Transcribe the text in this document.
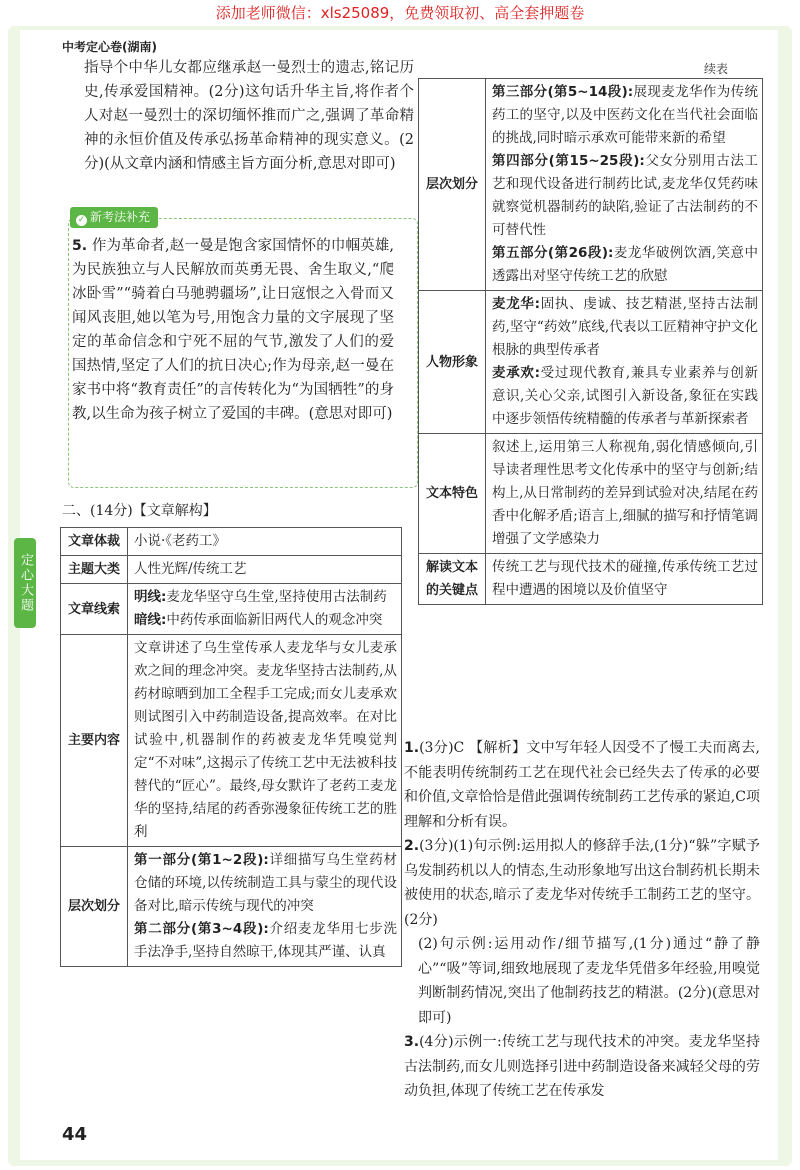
添加老师微信：xls25089，免费领取初、高全套押题卷
中考定心卷(湖南)
续表
指导个中华儿女都应继承赵一曼烈士的遗志,铭记历史,传承爱国精神。(2分)这句话升华主旨,将作者个人对赵一曼烈士的深切缅怀推而广之,强调了革命精神的永恒价值及传承弘扬革命精神的现实意义。(2分)(从文章内涵和情感主旨方面分析,意思对即可)
✓ 新考法补充
5. 作为革命者,赵一曼是饱含家国情怀的巾帼英雄,为民族独立与人民解放而英勇无畏、舍生取义,“爬冰卧雪”“骑着白马驰骋疆场”,让日寇恨之入骨而又闻风丧胆,她以笔为号,用饱含力量的文字展现了坚定的革命信念和宁死不屈的气节,激发了人们的爱国热情,坚定了人们的抗日决心;作为母亲,赵一曼在家书中将“教育责任”的言传转化为“为国牺牲”的身教,以生命为孩子树立了爱国的丰碑。(意思对即可)
二、(14分)【文章解构】
定心大题
文章体裁	小说·《老药工》
主题大类	人性光辉/传统工艺
文章线索	明线:麦龙华坚守乌生堂,坚持使用古法制药
暗线:中药传承面临新旧两代人的观念冲突
主要内容	文章讲述了乌生堂传承人麦龙华与女儿麦承欢之间的理念冲突。麦龙华坚持古法制药,从药材晾晒到加工全程手工完成;而女儿麦承欢则试图引入中药制造设备,提高效率。在对比试验中,机器制作的药被麦龙华凭嗅觉判定“不对味”,这揭示了传统工艺中无法被科技替代的“匠心”。最终,母女默许了老药工麦龙华的坚持,结尾的药香弥漫象征传统工艺的胜利
层次划分	第一部分(第1~2段):详细描写乌生堂药材仓储的环境,以传统制造工具与蒙尘的现代设备对比,暗示传统与现代的冲突
第二部分(第3~4段):介绍麦龙华用七步洗手法净手,坚持自然晾干,体现其严谨、认真
层次划分	第三部分(第5~14段):展现麦龙华作为传统药工的坚守,以及中医药文化在当代社会面临的挑战,同时暗示承欢可能带来新的希望
第四部分(第15~25段):父女分别用古法工艺和现代设备进行制药比试,麦龙华仅凭药味就察觉机器制药的缺陷,验证了古法制药的不可替代性
第五部分(第26段):麦龙华破例饮酒,笑意中透露出对坚守传统工艺的欣慰
人物形象	麦龙华:固执、虔诚、技艺精湛,坚持古法制药,坚守“药效”底线,代表以工匠精神守护文化根脉的典型传承者
麦承欢:受过现代教育,兼具专业素养与创新意识,关心父亲,试图引入新设备,象征在实践中逐步领悟传统精髓的传承者与革新探索者
文本特色	叙述上,运用第三人称视角,弱化情感倾向,引导读者理性思考文化传承中的坚守与创新;结构上,从日常制药的差异到试验对决,结尾在药香中化解矛盾;语言上,细腻的描写和抒情笔调增强了文学感染力
解读文本的关键点	传统工艺与现代技术的碰撞,传承传统工艺过程中遭遇的困境以及价值坚守

1.(3分)C 【解析】文中写年轻人因受不了慢工夫而离去,不能表明传统制药工艺在现代社会已经失去了传承的必要和价值,文章恰恰是借此强调传统制药工艺传承的紧迫,C项理解和分析有误。

2.(3分)(1)句示例:运用拟人的修辞手法,(1分)“躲”字赋予乌发制药机以人的情态,生动形象地写出这台制药机长期未被使用的状态,暗示了麦龙华对传统手工制药工艺的坚守。(2分)

(2)句示例:运用动作/细节描写,(1分)通过“静了静心”“吸”等词,细致地展现了麦龙华凭借多年经验,用嗅觉判断制药情况,突出了他制药技艺的精湛。(2分)(意思对即可)

3.(4分)示例一:传统工艺与现代技术的冲突。麦龙华坚持古法制药,而女儿则选择引进中药制造设备来减轻父母的劳动负担,体现了传统工艺在传承发

44
